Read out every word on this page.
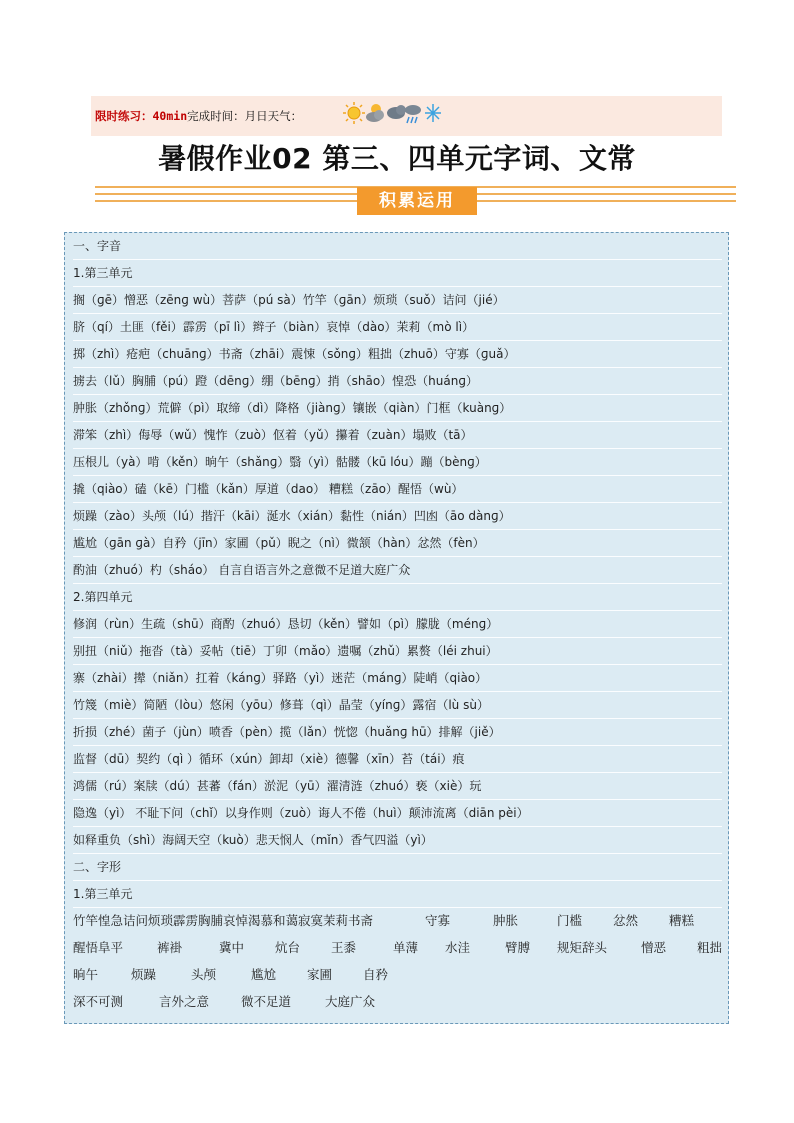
限时练习：40min完成时间：月日天气：
暑假作业02 第三、四单元字词、文常
积累运用
一、字音
1.第三单元
搁（ɡē）憎恶（zēnɡ wù）菩萨（pú sà）竹竿（ɡān）烦琐（suǒ）诘问（jié）
脐（qí）土匪（fěi）霹雳（pī lì）辫子（biàn）哀悼（dào）茉莉（mò lì）
掷（zhì）疮疤（chuānɡ）书斋（zhāi）震悚（sǒnɡ）粗拙（zhuō）守寡（ɡuǎ）
掳去（lǔ）胸脯（pú）蹬（dēnɡ）绷（bēnɡ）捎（shāo）惶恐（huánɡ）
肿胀（zhǒnɡ）荒僻（pì）取缔（dì）降格（jiànɡ）镶嵌（qiàn）门框（kuànɡ）
滞笨（zhì）侮辱（wǔ）愧怍（zuò）伛着（yǔ）攥着（zuàn）塌败（tā）
压根儿（yà）啃（kěn）晌午（shǎnɡ）翳（yì）骷髅（kū lóu）蹦（bènɡ）
撬（qiào）磕（kē）门槛（kǎn）厚道（dao） 糟糕（zāo）醒悟（wù）
烦躁（zào）头颅（lú）揩汗（kāi）涎水（xián）黏性（nián）凹凼（āo dànɡ）
尴尬（ɡān ɡà）自矜（jīn）家圃（pǔ）睨之（nì）微颔（hàn）忿然（fèn）
酌油（zhuó）杓（sháo） 自言自语言外之意微不足道大庭广众
2.第四单元
修润（rùn）生疏（shū）商酌（zhuó）恳切（kěn）譬如（pì）朦胧（ménɡ）
别扭（niǔ）拖沓（tà）妥帖（tiē）丁卯（mǎo）遗嘱（zhǔ）累赘（léi zhui）
寨（zhài）撵（niǎn）扛着（kánɡ）驿路（yì）迷茫（mánɡ）陡峭（qiào）
竹篾（miè）简陋（lòu）悠闲（yōu）修葺（qì）晶莹（yínɡ）露宿（lù sù）
折损（zhé）菌子（jùn）喷香（pèn）揽（lǎn）恍惚（huǎnɡ hū）排解（jiě）
监督（dū）契约（qì ）循环（xún）卸却（xiè）德馨（xīn）苔（tái）痕
鸿儒（rú）案牍（dú）甚蕃（fán）淤泥（yū）濯清涟（zhuó）亵（xiè）玩
隐逸（yì） 不耻下问（chǐ）以身作则（zuò）诲人不倦（huì）颠沛流离（diān pèi）
如释重负（shì）海阔天空（kuò）悲天悯人（mǐn）香气四溢（yì）
二、字形
1.第三单元
竹竿惶急诘问烦琐霹雳胸脯哀悼渴慕和蔼寂寞茉莉书斋	守寡	肿胀	门槛 忿然 糟糕
醒悟阜平	裤褂	冀中 炕台 王黍	单薄 水洼	臂膊 规矩辞头	憎恶 粗拙
晌午	烦躁	头颅	尴尬 家圃 自矜
深不可测	言外之意	微不足道	大庭广众
